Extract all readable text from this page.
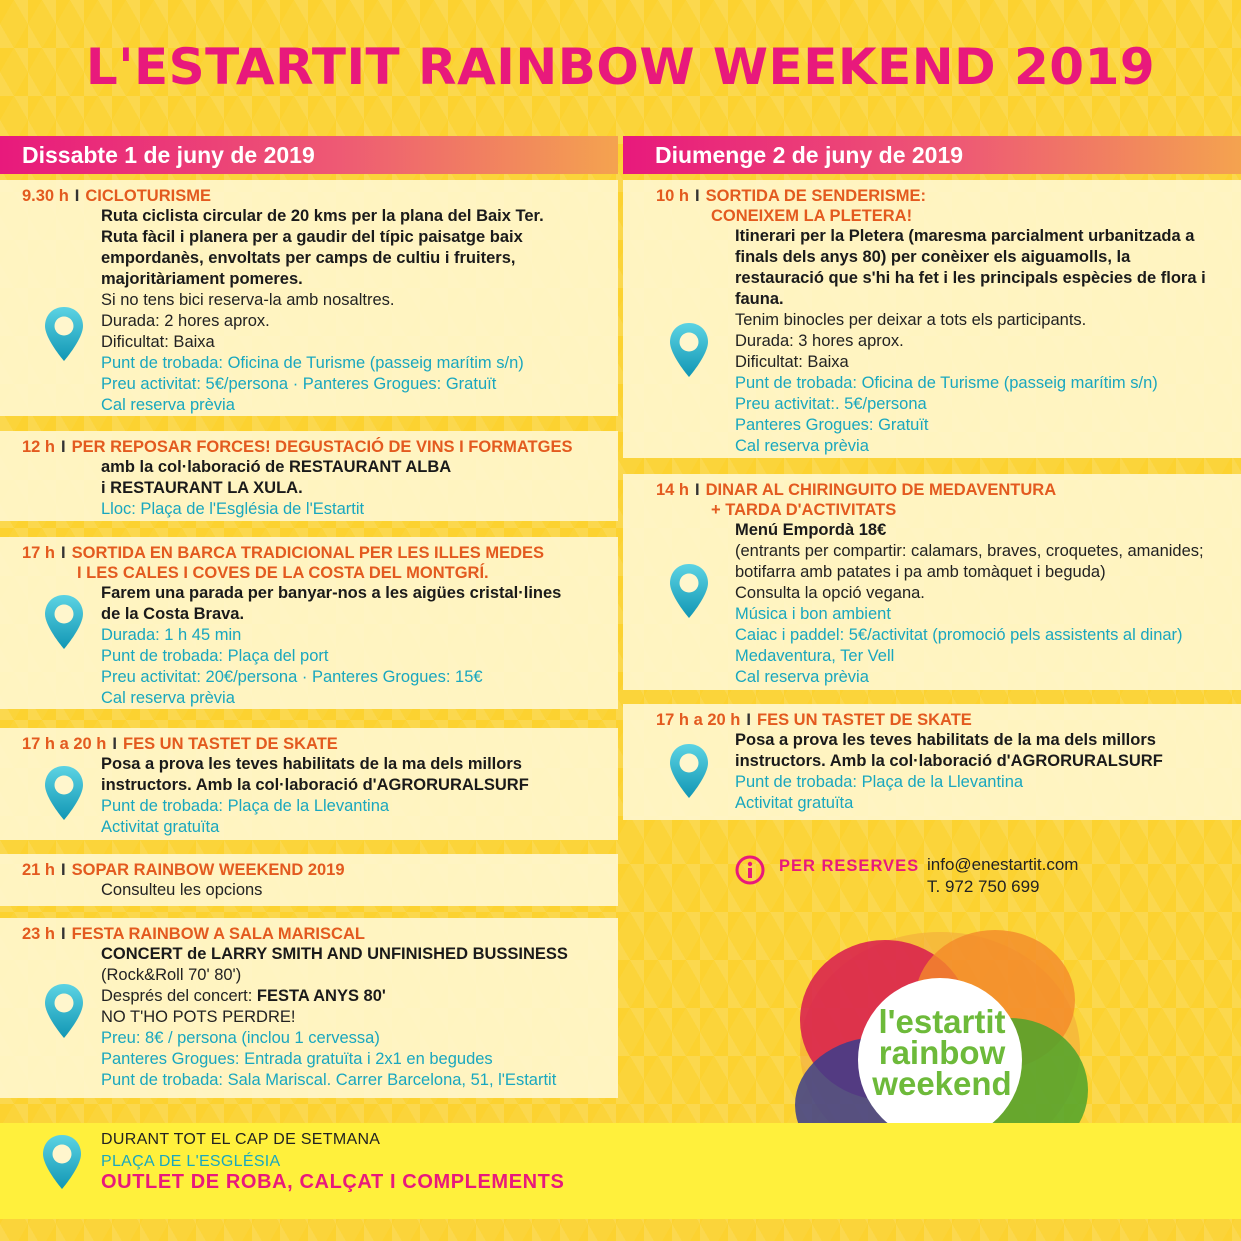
L'ESTARTIT RAINBOW WEEKEND 2019
Dissabte 1 de juny de 2019
9.30 h I CICLOTURISME
Ruta ciclista circular de 20 kms per la plana del Baix Ter.
Ruta fàcil i planera per a gaudir del típic paisatge baix
empordanès, envoltats per camps de cultiu i fruiters,
majoritàriament pomeres.
Si no tens bici reserva-la amb nosaltres.
Durada: 2 hores aprox.
Dificultat: Baixa
Punt de trobada: Oficina de Turisme (passeig marítim s/n)
Preu activitat: 5€/persona · Panteres Grogues: Gratuït
Cal reserva prèvia
12 h I PER REPOSAR FORCES! DEGUSTACIÓ DE VINS I FORMATGES
amb la col·laboració de RESTAURANT ALBA
i RESTAURANT LA XULA.
Lloc: Plaça de l'Església de l'Estartit
17 h I SORTIDA EN BARCA TRADICIONAL PER LES ILLES MEDES
I LES CALES I COVES DE LA COSTA DEL MONTGRÍ.
Farem una parada per banyar-nos a les aigües cristal·lines
de la Costa Brava.
Durada: 1 h 45 min
Punt de trobada: Plaça del port
Preu activitat: 20€/persona · Panteres Grogues: 15€
Cal reserva prèvia
17 h a 20 h I FES UN TASTET DE SKATE
Posa a prova les teves habilitats de la ma dels millors
instructors. Amb la col·laboració d'AGRORURALSURF
Punt de trobada: Plaça de la Llevantina
Activitat gratuïta
21 h I SOPAR RAINBOW WEEKEND 2019
Consulteu les opcions
23 h I FESTA RAINBOW A SALA MARISCAL
CONCERT de LARRY SMITH AND UNFINISHED BUSSINESS
(Rock&Roll 70' 80')
Després del concert: FESTA ANYS 80'
NO T'HO POTS PERDRE!
Preu: 8€ / persona (inclou 1 cervessa)
Panteres Grogues: Entrada gratuïta i 2x1 en begudes
Punt de trobada: Sala Mariscal. Carrer Barcelona, 51, l'Estartit
Diumenge 2 de juny de 2019
10 h I SORTIDA DE SENDERISME:
CONEIXEM LA PLETERA!
Itinerari per la Pletera (maresma parcialment urbanitzada a
finals dels anys 80) per conèixer els aiguamolls, la
restauració que s'hi ha fet i les principals espècies de flora i
fauna.
Tenim binocles per deixar a tots els participants.
Durada: 3 hores aprox.
Dificultat: Baixa
Punt de trobada: Oficina de Turisme (passeig marítim s/n)
Preu activitat:. 5€/persona
Panteres Grogues: Gratuït
Cal reserva prèvia
14 h I DINAR AL CHIRINGUITO DE MEDAVENTURA
+ TARDA D'ACTIVITATS
Menú Empordà 18€
(entrants per compartir: calamars, braves, croquetes, amanides;
botifarra amb patates i pa amb tomàquet i beguda)
Consulta la opció vegana.
Música i bon ambient
Caiac i paddel: 5€/activitat (promoció pels assistents al dinar)
Medaventura, Ter Vell
Cal reserva prèvia
17 h a 20 h I FES UN TASTET DE SKATE
Posa a prova les teves habilitats de la ma dels millors
instructors. Amb la col·laboració d'AGRORURALSURF
Punt de trobada: Plaça de la Llevantina
Activitat gratuïta
PER RESERVES info@enestartit.com
T. 972 750 699
l'estartit
rainbow
weekend
DURANT TOT EL CAP DE SETMANA
PLAÇA DE L'ESGLÉSIA
OUTLET DE ROBA, CALÇAT I COMPLEMENTS
